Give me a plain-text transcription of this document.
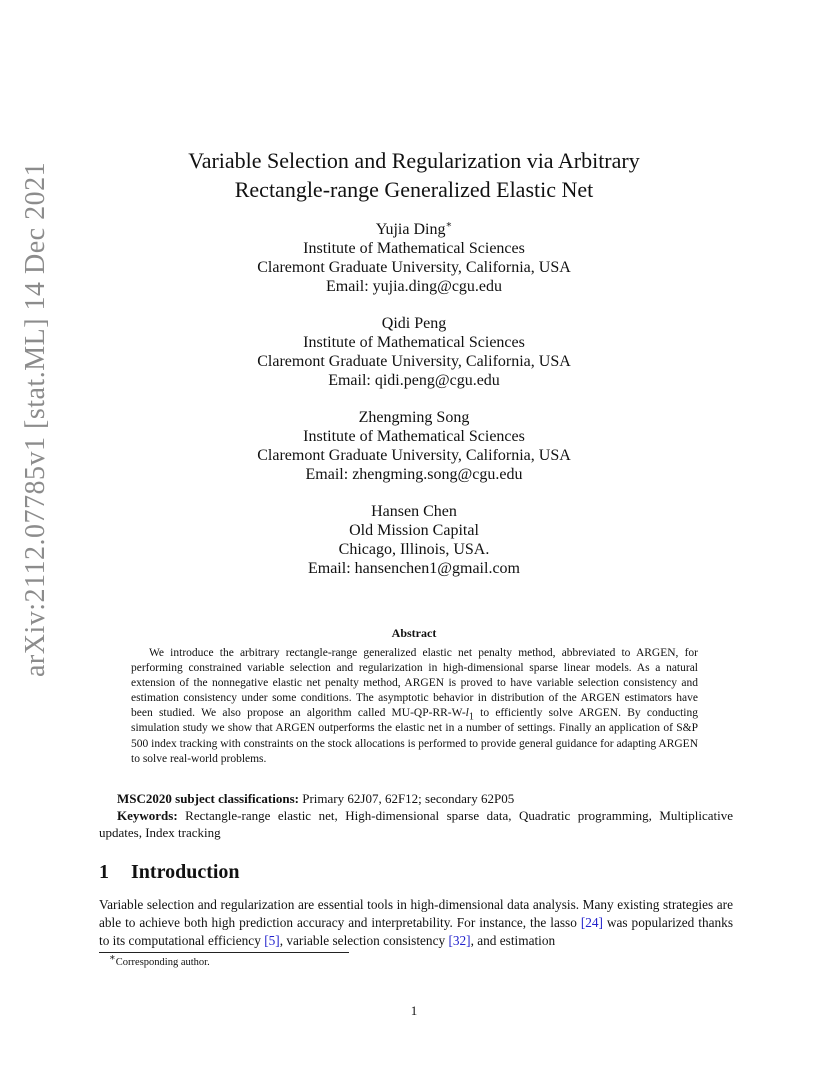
arXiv:2112.07785v1 [stat.ML] 14 Dec 2021
Variable Selection and Regularization via Arbitrary
Rectangle-range Generalized Elastic Net
Yujia Ding∗
Institute of Mathematical Sciences
Claremont Graduate University, California, USA
Email: yujia.ding@cgu.edu
Qidi Peng
Institute of Mathematical Sciences
Claremont Graduate University, California, USA
Email: qidi.peng@cgu.edu
Zhengming Song
Institute of Mathematical Sciences
Claremont Graduate University, California, USA
Email: zhengming.song@cgu.edu
Hansen Chen
Old Mission Capital
Chicago, Illinois, USA.
Email: hansenchen1@gmail.com
Abstract
We introduce the arbitrary rectangle-range generalized elastic net penalty method, abbreviated to ARGEN, for performing constrained variable selection and regularization in high-dimensional sparse linear models. As a natural extension of the nonnegative elastic net penalty method, ARGEN is proved to have variable selection consistency and estimation consistency under some conditions. The asymptotic behavior in distribution of the ARGEN estimators have been studied. We also propose an algorithm called $MU-QP-RR-W-l_1$ to efficiently solve ARGEN. By conducting simulation study we show that ARGEN outperforms the elastic net in a number of settings. Finally an application of S&P 500 index tracking with constraints on the stock allocations is performed to provide general guidance for adapting ARGEN to solve real-world problems.

MSC2020 subject classifications: Primary 62J07, 62F12; secondary 62P05

Keywords: Rectangle-range elastic net, High-dimensional sparse data, Quadratic programming, Multiplicative updates, Index tracking

1 Introduction
Variable selection and regularization are essential tools in high-dimensional data analysis. Many existing strategies are able to achieve both high prediction accuracy and interpretability. For instance, the lasso [24] was popularized thanks to its computational efficiency [5], variable selection consistency [32], and estimation
∗Corresponding author.
1
